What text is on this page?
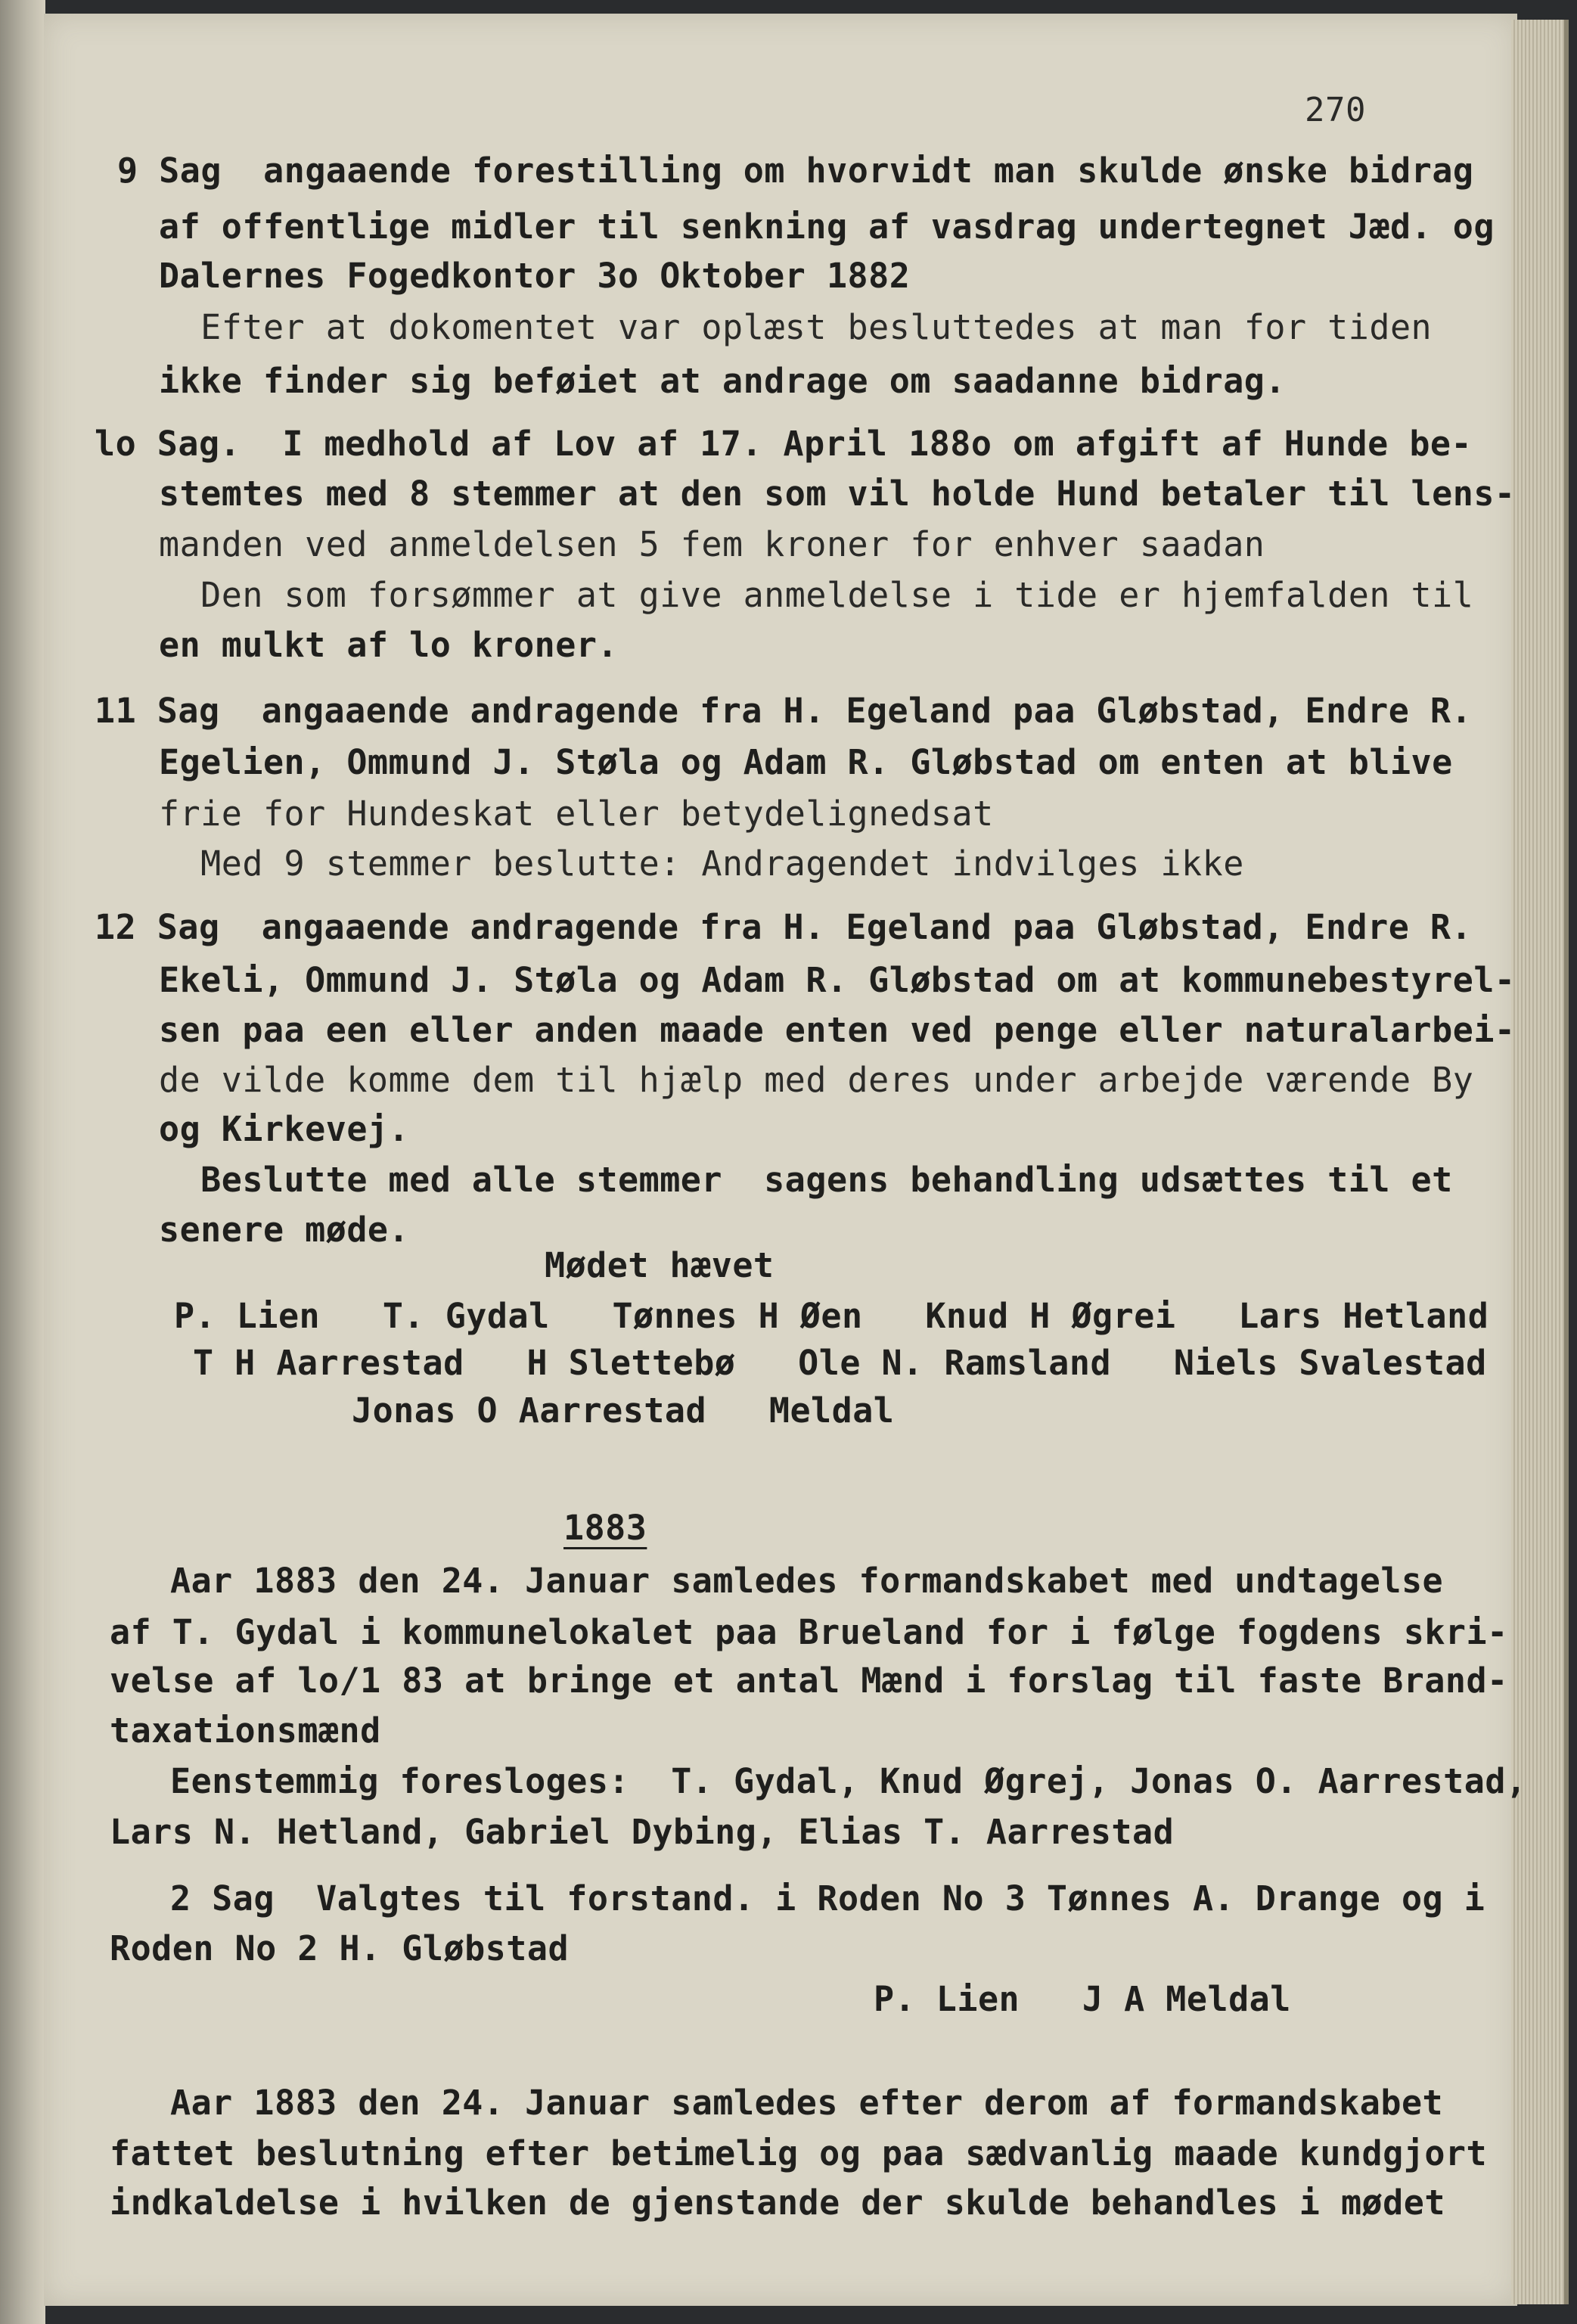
270
9 Sag  angaaende forestilling om hvorvidt man skulde ønske bidrag
af offentlige midler til senkning af vasdrag undertegnet Jæd. og
Dalernes Fogedkontor 3o Oktober 1882
Efter at dokomentet var oplæst besluttedes at man for tiden
ikke finder sig beføiet at andrage om saadanne bidrag.
lo Sag.  I medhold af Lov af 17. April 188o om afgift af Hunde be-
stemtes med 8 stemmer at den som vil holde Hund betaler til lens-
manden ved anmeldelsen 5 fem kroner for enhver saadan
Den som forsømmer at give anmeldelse i tide er hjemfalden til
en mulkt af lo kroner.
11 Sag  angaaende andragende fra H. Egeland paa Gløbstad, Endre R.
Egelien, Ommund J. Støla og Adam R. Gløbstad om enten at blive
frie for Hundeskat eller betydelignedsat
Med 9 stemmer beslutte: Andragendet indvilges ikke
12 Sag  angaaende andragende fra H. Egeland paa Gløbstad, Endre R.
Ekeli, Ommund J. Støla og Adam R. Gløbstad om at kommunebestyrel-
sen paa een eller anden maade enten ved penge eller naturalarbei-
de vilde komme dem til hjælp med deres under arbejde værende By
og Kirkevej.
Beslutte med alle stemmer  sagens behandling udsættes til et
senere møde.
Mødet hævet
P. Lien   T. Gydal   Tønnes H Øen   Knud H Øgrei   Lars Hetland
T H Aarrestad   H Slettebø   Ole N. Ramsland   Niels Svalestad
Jonas O Aarrestad   Meldal
1883
Aar 1883 den 24. Januar samledes formandskabet med undtagelse
af T. Gydal i kommunelokalet paa Brueland for i følge fogdens skri-
velse af lo/1 83 at bringe et antal Mænd i forslag til faste Brand-
taxationsmænd
Eenstemmig foresloges:  T. Gydal, Knud Øgrej, Jonas O. Aarrestad,
Lars N. Hetland, Gabriel Dybing, Elias T. Aarrestad
2 Sag  Valgtes til forstand. i Roden No 3 Tønnes A. Drange og i
Roden No 2 H. Gløbstad
P. Lien   J A Meldal
Aar 1883 den 24. Januar samledes efter derom af formandskabet
fattet beslutning efter betimelig og paa sædvanlig maade kundgjort
indkaldelse i hvilken de gjenstande der skulde behandles i mødet
